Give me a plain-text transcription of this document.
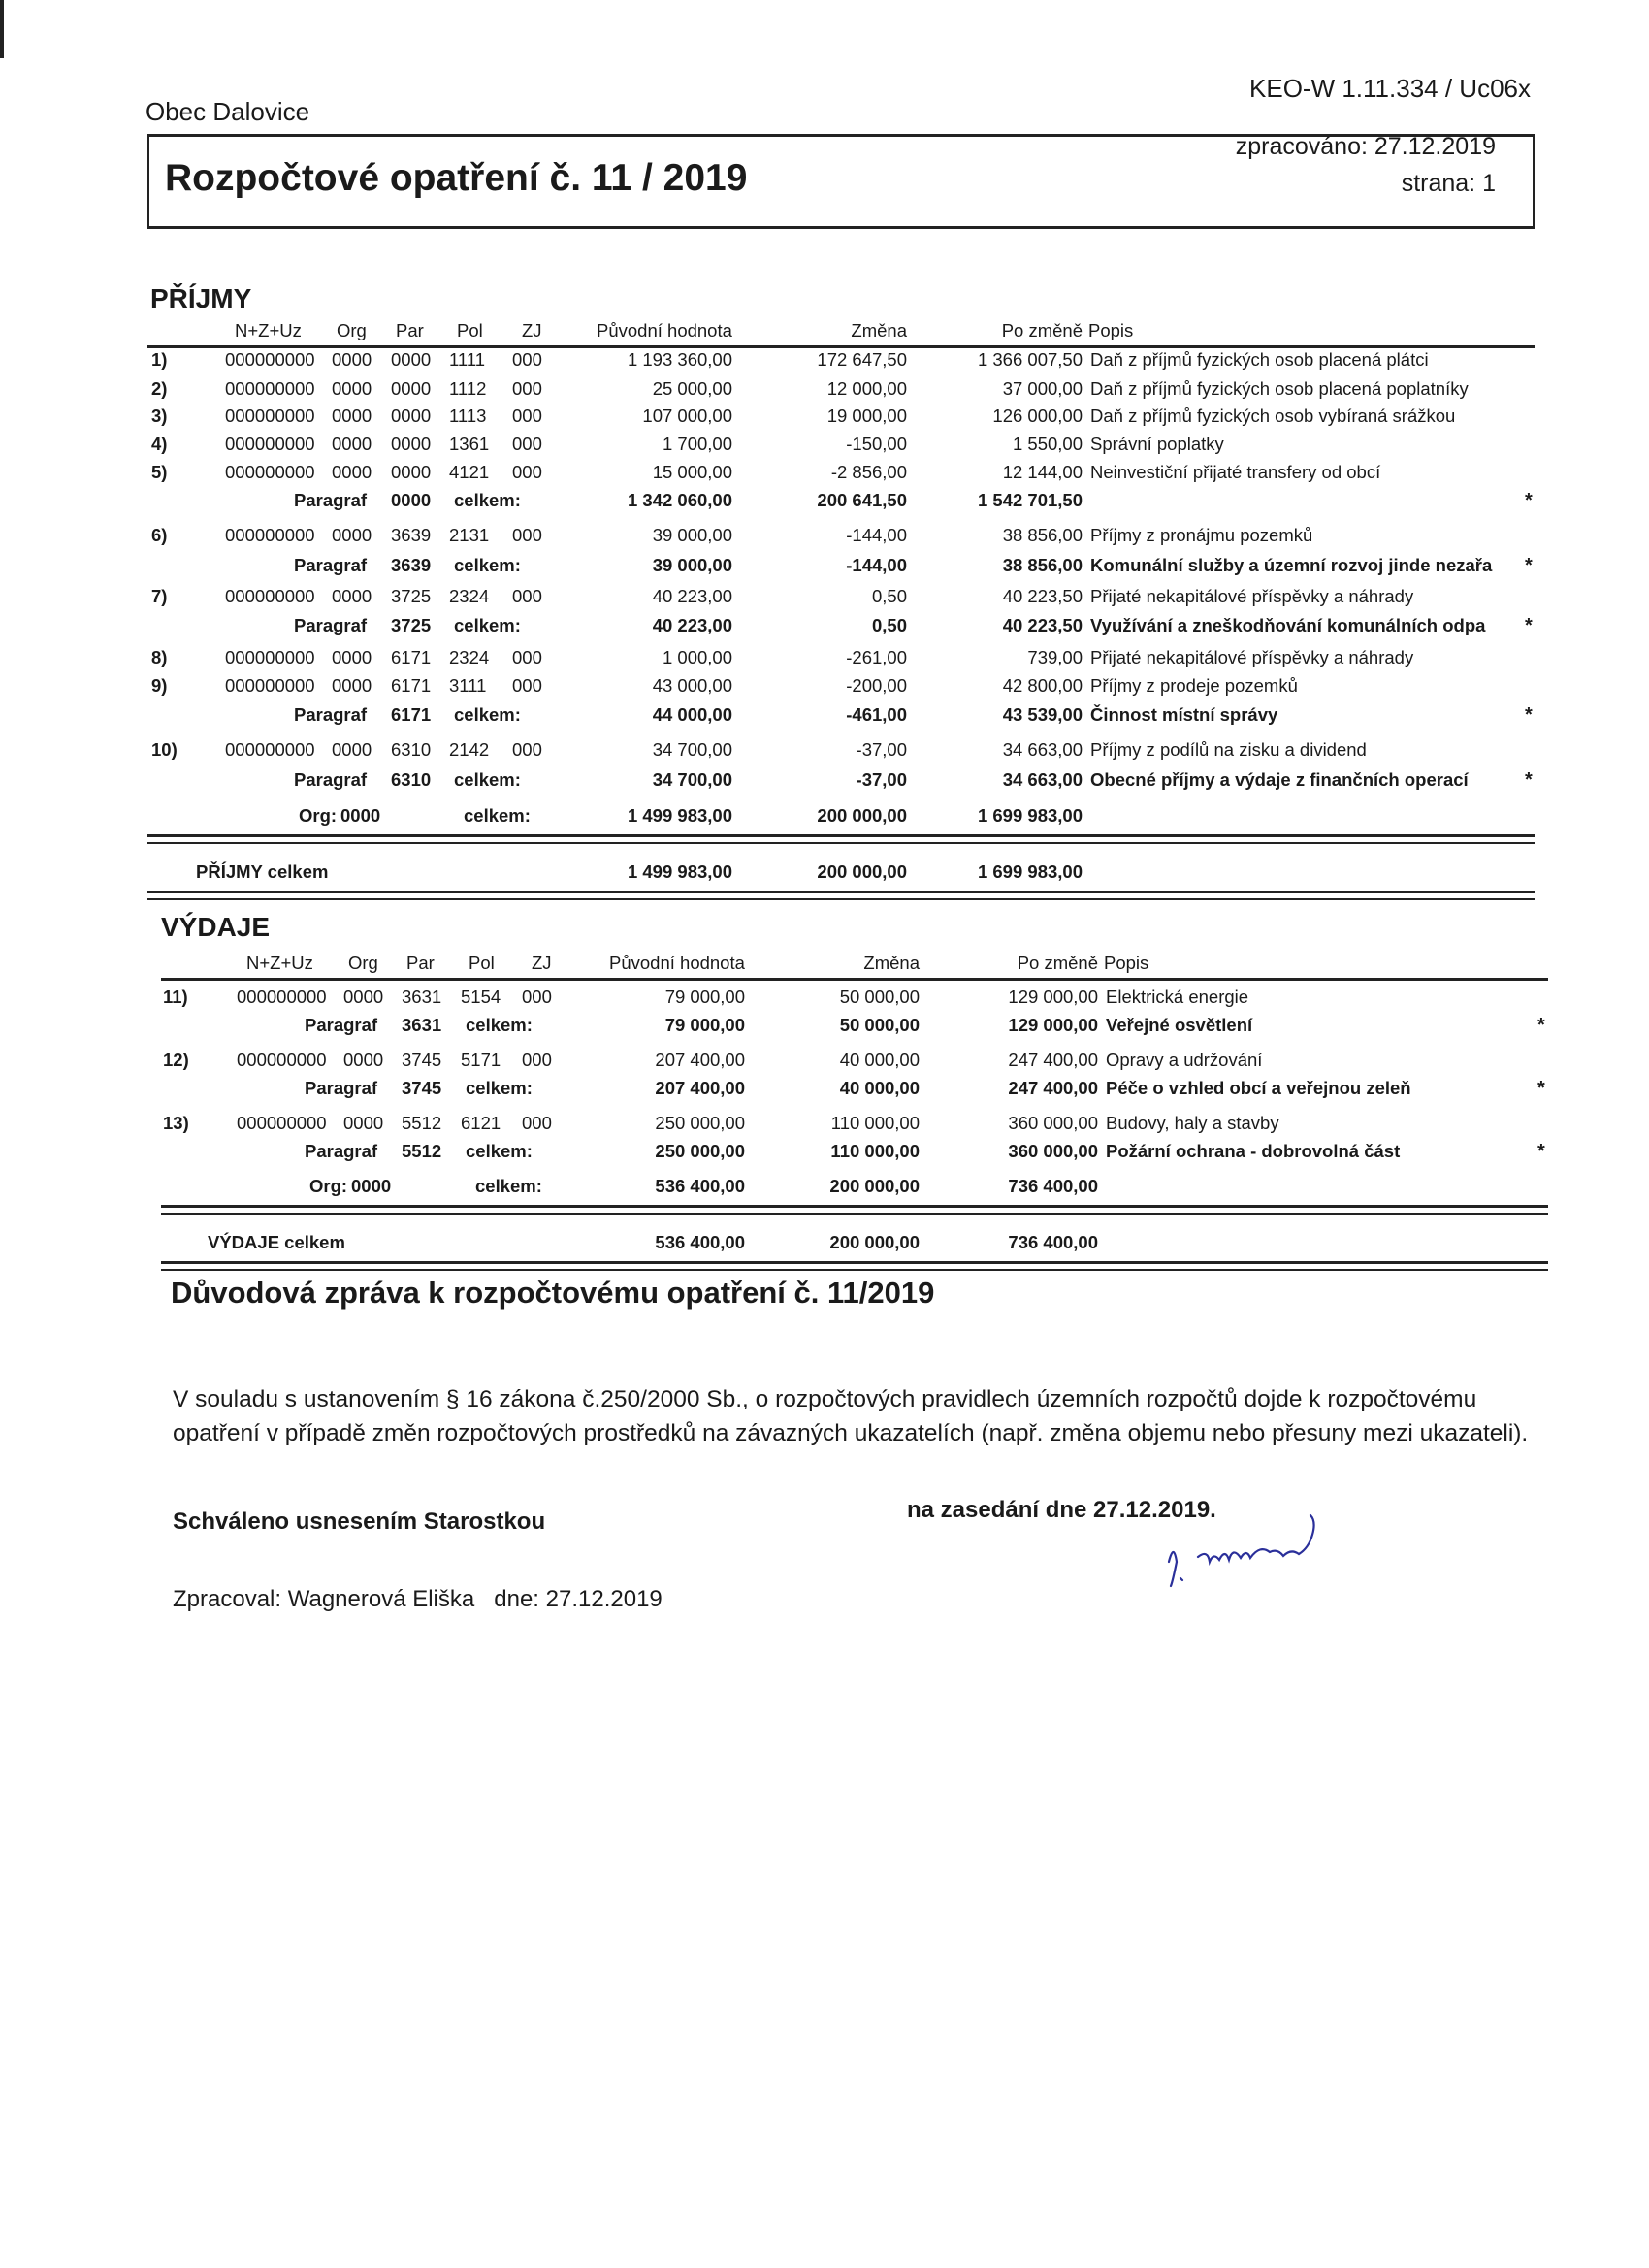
Obec Dalovice
KEO-W 1.11.334 / Uc06x
Rozpočtové opatření č. 11 / 2019
zpracováno: 27.12.2019
strana: 1
PŘÍJMY
N+Z+Uz Org Par Pol ZJ	Původní hodnota	Změna	Po změně Popis
1)	000000000 0000 0000 1111 000	1 193 360,00	172 647,50	1 366 007,50 Daň z příjmů fyzických osob placená plátci
2)	000000000 0000 0000 1112 000	25 000,00	12 000,00	37 000,00 Daň z příjmů fyzických osob placená poplatníky
3)	000000000 0000 0000 1113 000	107 000,00	19 000,00	126 000,00 Daň z příjmů fyzických osob vybíraná srážkou
4)	000000000 0000 0000 1361 000	1 700,00	-150,00	1 550,00 Správní poplatky
5)	000000000 0000 0000 4121 000	15 000,00	-2 856,00	12 144,00 Neinvestiční přijaté transfery od obcí
Paragraf 0000 celkem:	1 342 060,00	200 641,50	1 542 701,50	*
6)	000000000 0000 3639 2131 000	39 000,00	-144,00	38 856,00 Příjmy z pronájmu pozemků
Paragraf 3639 celkem:	39 000,00	-144,00	38 856,00 Komunální služby a územní rozvoj jinde nezařa *
7)	000000000 0000 3725 2324 000	40 223,00	0,50	40 223,50 Přijaté nekapitálové příspěvky a náhrady
Paragraf 3725 celkem:	40 223,00	0,50	40 223,50 Využívání a zneškodňování komunálních odpa *
8)	000000000 0000 6171 2324 000	1 000,00	-261,00	739,00 Přijaté nekapitálové příspěvky a náhrady
9)	000000000 0000 6171 3111 000	43 000,00	-200,00	42 800,00 Příjmy z prodeje pozemků
Paragraf 6171 celkem:	44 000,00	-461,00	43 539,00 Činnost místní správy	*
10)	000000000 0000 6310 2142 000	34 700,00	-37,00	34 663,00 Příjmy z podílů na zisku a dividend
Paragraf 6310 celkem:	34 700,00	-37,00	34 663,00 Obecné příjmy a výdaje z finančních operací	*
Org: 0000	celkem:	1 499 983,00	200 000,00	1 699 983,00
PŘÍJMY celkem	1 499 983,00	200 000,00	1 699 983,00
VÝDAJE
N+Z+Uz Org Par Pol ZJ	Původní hodnota	Změna	Po změně Popis
11)	000000000 0000 3631 5154 000	79 000,00	50 000,00	129 000,00 Elektrická energie
Paragraf 3631 celkem:	79 000,00	50 000,00	129 000,00 Veřejné osvětlení	*
12)	000000000 0000 3745 5171 000	207 400,00	40 000,00	247 400,00 Opravy a udržování
Paragraf 3745 celkem:	207 400,00	40 000,00	247 400,00 Péče o vzhled obcí a veřejnou zeleň	*
13)	000000000 0000 5512 6121 000	250 000,00	110 000,00	360 000,00 Budovy, haly a stavby
Paragraf 5512 celkem:	250 000,00	110 000,00	360 000,00 Požární ochrana - dobrovolná část	*
Org: 0000	celkem:	536 400,00	200 000,00	736 400,00
VÝDAJE celkem	536 400,00	200 000,00	736 400,00
Důvodová zpráva k rozpočtovému opatření č. 11/2019
V souladu s ustanovením § 16 zákona č.250/2000 Sb., o rozpočtových pravidlech územních rozpočtů dojde k rozpočtovému opatření v případě změn rozpočtových prostředků na závazných ukazatelích (např. změna objemu nebo přesuny mezi ukazateli).
Schváleno usnesením Starostkou	na zasedání dne 27.12.2019.
Zpracoval: Wagnerová Eliška dne: 27.12.2019
